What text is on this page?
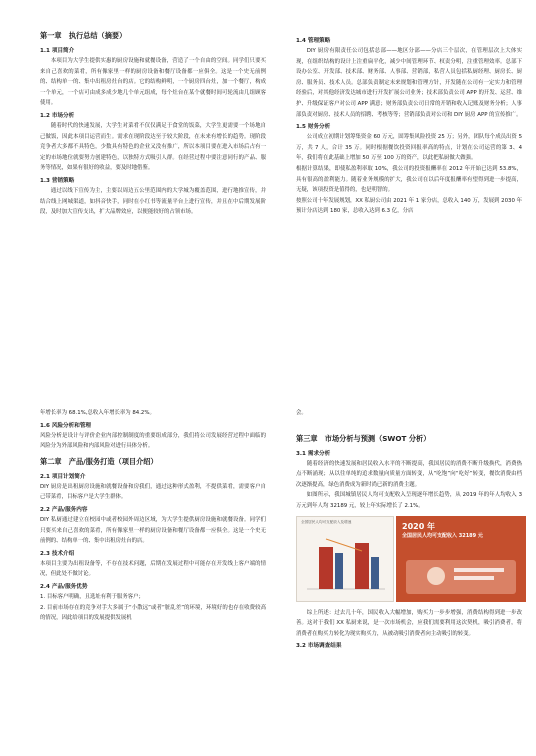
第一章　执行总结（摘要）
1.1 项目简介

本项目为大学生提供实惠的厨房设施和就餐设备，营造了一个自由的空间。同学们只要买来自己喜欢的菜肴，所有像家里一样的厨房设备和餐厅设备都一应俱全。这是一个史无前例的、结构单一的、集中出租房灶台的店。它的结构鲜明，一个厨房四台灶，加一个餐厅，构成一个单元，一个店可由成多成少地几个单元组成，每个灶台在某个就餐时间可轮流由几组顾客使用。

1.2 市场分析

随着时代的快速发展，大学生对菜肴不仅仅满足于食堂的饭菜，大学生更需要一个场地自己做饭，因此本项目运营而生。需求在现阶段达至于较大阶段，在未来有增长的趋势。现阶段竞争者大多都不具特色，少数具有特色的企业又没有推广，所以本项目要在进入市场后占有一定的市场地位就要努力创建特色，以独特方式吸引人群。在经营过程中要注意同行的产品、服务等情况，如果有很好的收益，要及时地借鉴。

1.3 营销策略

通过以线下宣传为主，主要以周边五公里范围内的大学城为覆盖范围，进行地推宣传，并结合线上网城渠道，如抖音快手，同时在小红书等流量平台上进行宣传，并且在中后期发展阶段，及时加大宣传支出，扩大品牌效应，以便能较好的占领市场。

1.4 管理策略

DIY 厨房有限责任公司包括总部——地区分部——分店三个层次，在管理层次上大体实现，在组织结构的设计上注重扁平化，减少中间管理环节、权责分明，注重管理效率。总部下设办公室、开发部、技术部、财务部、人事部、营销部，私营人员包括私厨经理、厨房长、厨房、服务员、技术人员。总部负责制定末来规划和管理方针，开发随在公司有一定实力和管理经验后，对其他经济发达城市进行开发扩展公司业务；技术部负责公司 APP 的开发、运营、维护、升级保证客户对公司 APP 满意；财务部负责公司日常的开销和收入记账及财务分析；人事部负责对厨房、技术人员的招聘、考核等等；营销部负责对公司和 DIY 厨房 APP 的宣传推广。

1.5 财务分析

公司成立初期计划筹集资金 60 万元，固筹集风险投资 25 万；另外，团队每个成员出资 5 万，共 7 人，合计 35 万。同时根据餐饮投资回报率高的特点，计划在公司运营的第 3、4 年，我们将在此基础上增加 50 万至 100 万的资产，以此把私厨做大做强。

根据计算结果，即使私盈利率取 10%，我公司的投资报酬率在 2012 年开始已达到 53.8%，具有很高的盈利能力。随着业务规模的扩大，我公司在以后年度报酬率有望得到进一步提高，无疑，该项投资是值得的，也是明智的。

按照公司十年发展规划，XX 私厨公司由 2021 年 1 家分店，总收入 140 万，发展到 2030 年预计分店达到 180 家，总收入达到 6.3 亿，分店

年增长率为 68.1%,总收入年增长率为 84.2%。

1.6 风险分析和管理

风险分析是设计与评价企业内部控制制度的重要组成部分，我们将公司发展经营过程中面临的风险分为外部风险和内部风险对进行具体分析。

第二章　产品/服务打造（项目介绍）
2.1 项目计划简介

DIY 厨房是出租厨房设施和就餐设备和房我们，通过这种形式盈利，不提供菜肴，需要客户自己带菜肴，目标客户是大学生群体。

2.2 产品/服务内容

DIY 私厨通过建立在校园中或者校园外周边区域，为大学生提供厨房设施和就餐设备。同学们只要买来自己喜欢的菜肴，所有像家里一样的厨房设备和餐厅设备都一应俱全。这是一个史无前例的、结构单一的、集中出租房灶台的店。

2.3 技术介绍

本项目主要为出租设备等，不存在技术问题，后期在发展过程中可能存在开发线上客户端的情况，但此处不做讨论。

2.4 产品/服务优势

1. 目标客户明确，且选址有利于服务客户；

2. 目前市场存在的竞争对手大多属于“小散远”或者“脏乱差”的环境，环境好的也存在收费较高的情况，因此给项目的发展提供发展机

会。

第三章　市场分析与预测（SWOT 分析）
3.1 需求分析

随着经济的快速发展和居民收入水平的不断提高，我国居民的消费不断升级换代，消费热点不断涌现；从以往单纯的追求数量向质量方面转变，从“吃饱”向“吃好”转变，餐饮消费由档次逐渐提高，绿色消费成为新时尚已新的消费主题。

如图所示，我国城镇居民人均可支配收入呈现逐年增长趋势，从 2019 年的年人均收入 3 万元到年人均 32189 元，较上年实际增长了 2.1%。

全国居民人均可支配收入及增速	2020 年
全国居民人均可支配收入 32189 元

综上所述：过去几十年，国民收入大幅增加，购买力一步步增强，消费结构得到进一步改善。这对于我们 XX 私厨来说，是一次市场机会，应我们需要利用这次契机，吸引消费者，将消费者在购买力转化为现实购买力，从被动吸引消费者向主动吸引的转变。

3.2 市场调查结果
